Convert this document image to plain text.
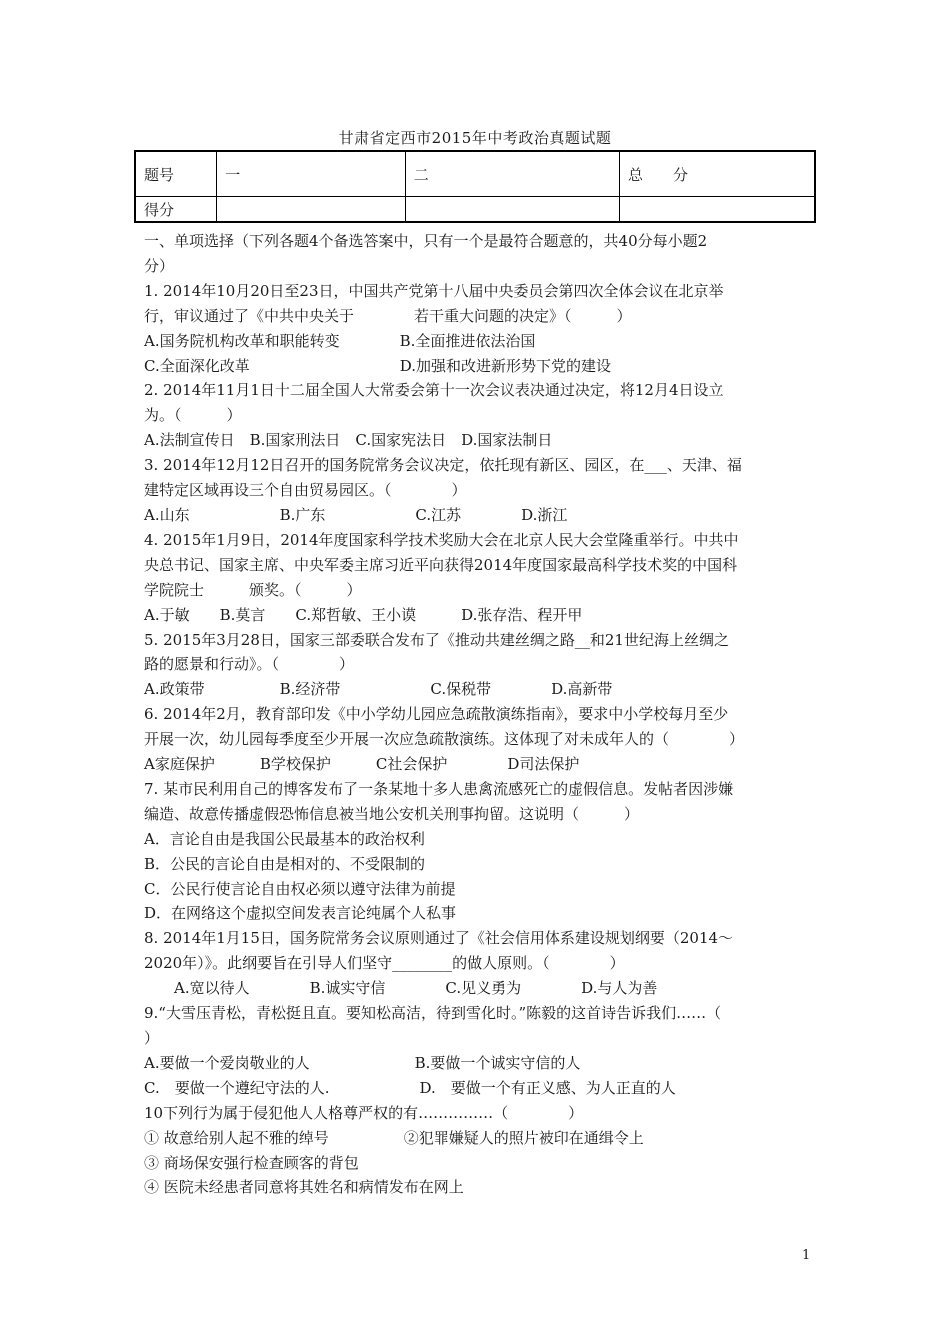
甘肃省定西市2015年中考政治真题试题
题号	一	二	总　　分
得分			
一、单项选择（下列各题4个备选答案中，只有一个是最符合题意的，共40分每小题2
分）
1. 2014年10月20日至23日，中国共产党第十八届中央委员会第四次全体会议在北京举
行，审议通过了《中共中央关于　　　　若干重大问题的决定》（　　　）
A.国务院机构改革和职能转变　　　　B.全面推进依法治国
C.全面深化改革　　　　　　　　　　D.加强和改进新形势下党的建设
2. 2014年11月1日十二届全国人大常委会第十一次会议表决通过决定，将12月4日设立
为。（　　　）
A.法制宣传日　B.国家刑法日　C.国家宪法日　D.国家法制日
3. 2014年12月12日召开的国务院常务会议决定，依托现有新区、园区，在___、天津、福
建特定区域再设三个自由贸易园区。（　　　　）
A.山东　　　　　　B.广东　　　　　　C.江苏　　　　D.浙江
4. 2015年1月9日，2014年度国家科学技术奖励大会在北京人民大会堂隆重举行。中共中
央总书记、国家主席、中央军委主席习近平向获得2014年度国家最高科学技术奖的中国科
学院院士　　　颁奖。（　　　）
A.于敏　　B.莫言　　C.郑哲敏、王小谟　　　D.张存浩、程开甲
5. 2015年3月28日，国家三部委联合发布了《推动共建丝绸之路__和21世纪海上丝绸之
路的愿景和行动》。（　　　　）
A.政策带　　　　　B.经济带　　　　　　C.保税带　　　　D.高新带
6. 2014年2月，教育部印发《中小学幼儿园应急疏散演练指南》，要求中小学校每月至少
开展一次，幼儿园每季度至少开展一次应急疏散演练。这体现了对未成年人的（　　　　）
A家庭保护　　　B学校保护　　　C社会保护　　　　D司法保护
7. 某市民利用自己的博客发布了一条某地十多人患禽流感死亡的虚假信息。发帖者因涉嫌
编造、故意传播虚假恐怖信息被当地公安机关刑事拘留。这说明（　　　）
A．言论自由是我国公民最基本的政治权利
B．公民的言论自由是相对的、不受限制的
C．公民行使言论自由权必须以遵守法律为前提
D．在网络这个虚拟空间发表言论纯属个人私事
8. 2014年1月15日，国务院常务会议原则通过了《社会信用体系建设规划纲要（2014～
2020年）》。此纲要旨在引导人们坚守________的做人原则。（　　　　）
　　A.宽以待人　　　　B.诚实守信　　　　C.见义勇为　　　　D.与人为善
9.“大雪压青松，青松挺且直。要知松高洁，待到雪化时。”陈毅的这首诗告诉我们……（
）
A.要做一个爱岗敬业的人　　　　　　　B.要做一个诚实守信的人
C.　要做一个遵纪守法的人.　　　　　　D.　要做一个有正义感、为人正直的人
10下列行为属于侵犯他人人格尊严权的有……………（　　　　）
① 故意给别人起不雅的绰号　　　　　②犯罪嫌疑人的照片被印在通缉令上
③ 商场保安强行检查顾客的背包
④ 医院未经患者同意将其姓名和病情发布在网上
1
